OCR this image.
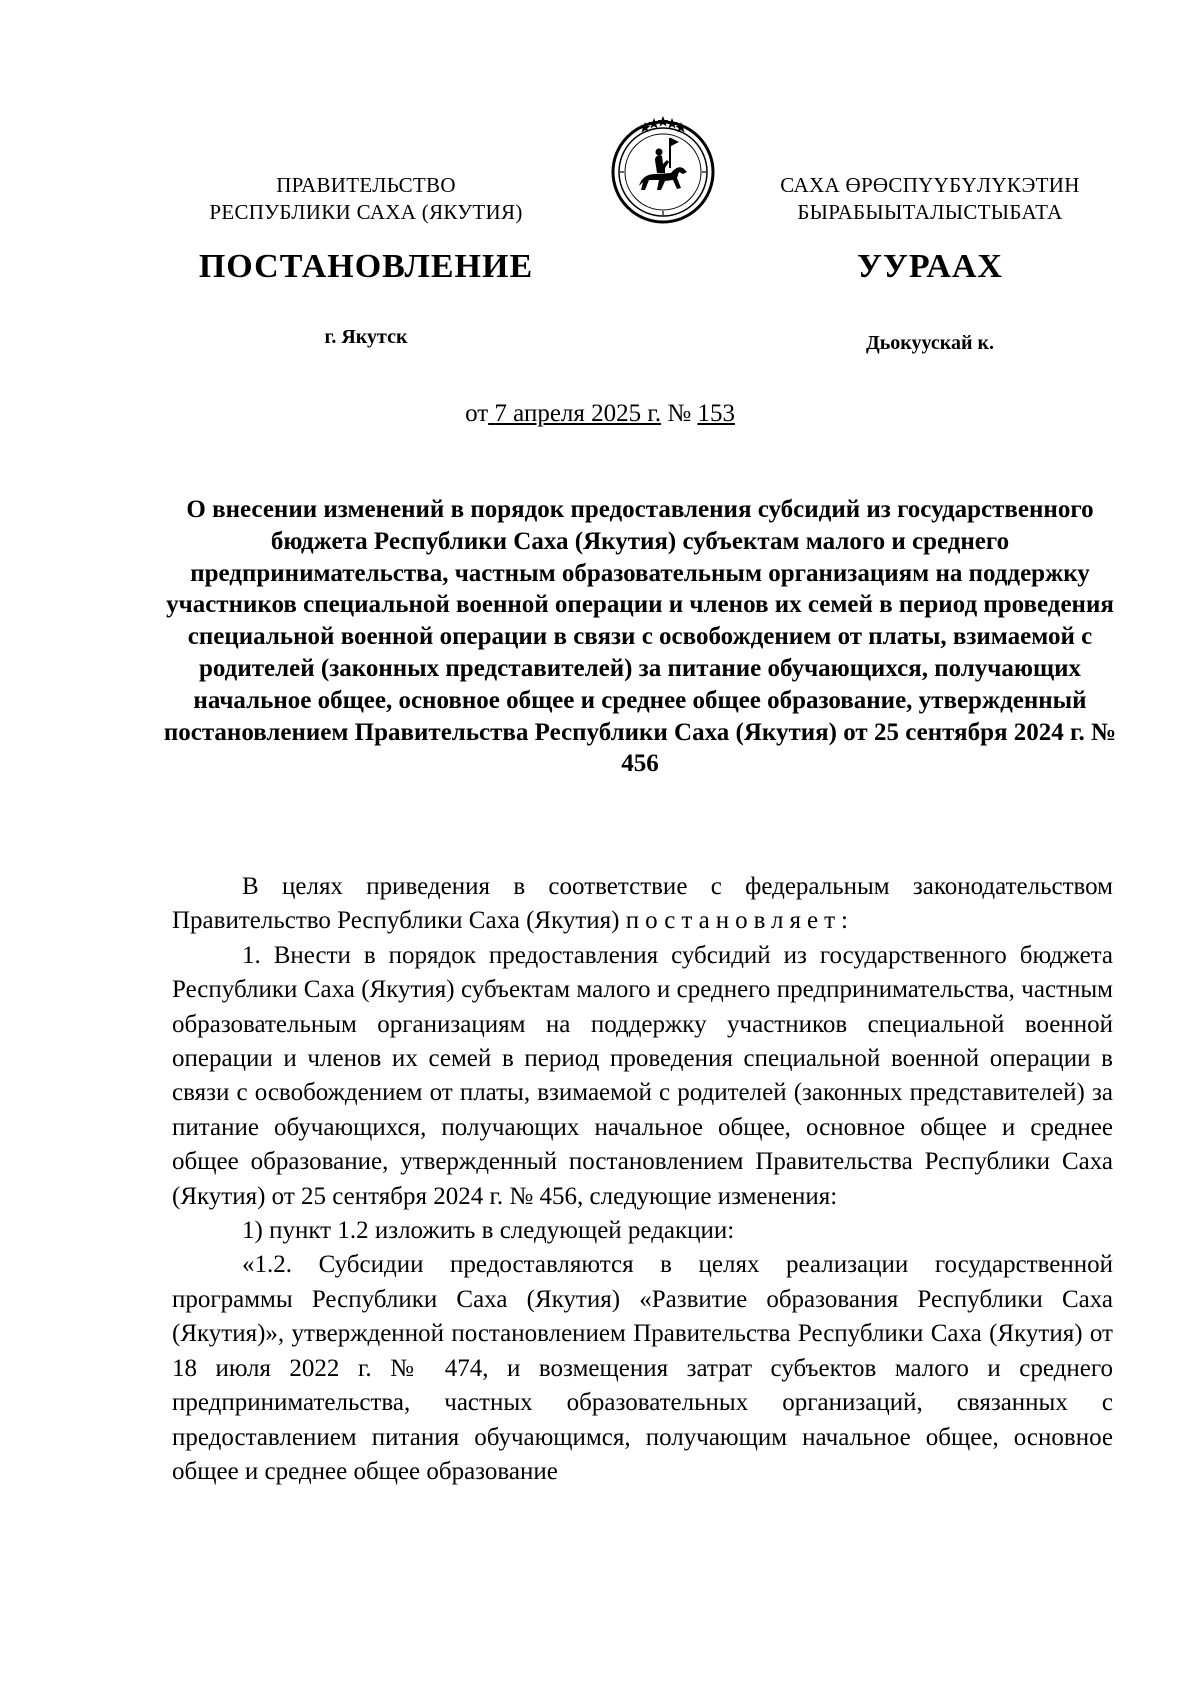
ПРАВИТЕЛЬСТВО
РЕСПУБЛИКИ САХА (ЯКУТИЯ)
САХА ӨРӨСПҮҮБҮЛҮКЭТИН
БЫРАБЫЫТАЛЫСТЫБАТА
ПОСТАНОВЛЕНИЕ	УУРААХ
г. Якутск	Дьокуускай к.
от 7 апреля 2025 г. № 153

О внесении изменений в порядок предоставления субсидий из государственного бюджета Республики Саха (Якутия) субъектам малого и среднего предпринимательства, частным образовательным организациям на поддержку участников специальной военной операции и членов их семей в период проведения специальной военной операции в связи с освобождением от платы, взимаемой с родителей (законных представителей) за питание обучающихся, получающих начальное общее, основное общее и среднее общее образование, утвержденный постановлением Правительства Республики Саха (Якутия) от 25 сентября 2024 г. № 456

В целях приведения в соответствие с федеральным законодательством Правительство Республики Саха (Якутия) постановляет:

1. Внести в порядок предоставления субсидий из государственного бюджета Республики Саха (Якутия) субъектам малого и среднего предпринимательства, частным образовательным организациям на поддержку участников специальной военной операции и членов их семей в период проведения специальной военной операции в связи с освобождением от платы, взимаемой с родителей (законных представителей) за питание обучающихся, получающих начальное общее, основное общее и среднее общее образование, утвержденный постановлением Правительства Республики Саха (Якутия) от 25 сентября 2024 г. № 456, следующие изменения:

1) пункт 1.2 изложить в следующей редакции:

«1.2. Субсидии предоставляются в целях реализации государственной программы Республики Саха (Якутия) «Развитие образования Республики Саха (Якутия)», утвержденной постановлением Правительства Республики Саха (Якутия) от 18 июля 2022 г. № 474, и возмещения затрат субъектов малого и среднего предпринимательства, частных образовательных организаций, связанных с предоставлением питания обучающимся, получающим начальное общее, основное общее и среднее общее образование
